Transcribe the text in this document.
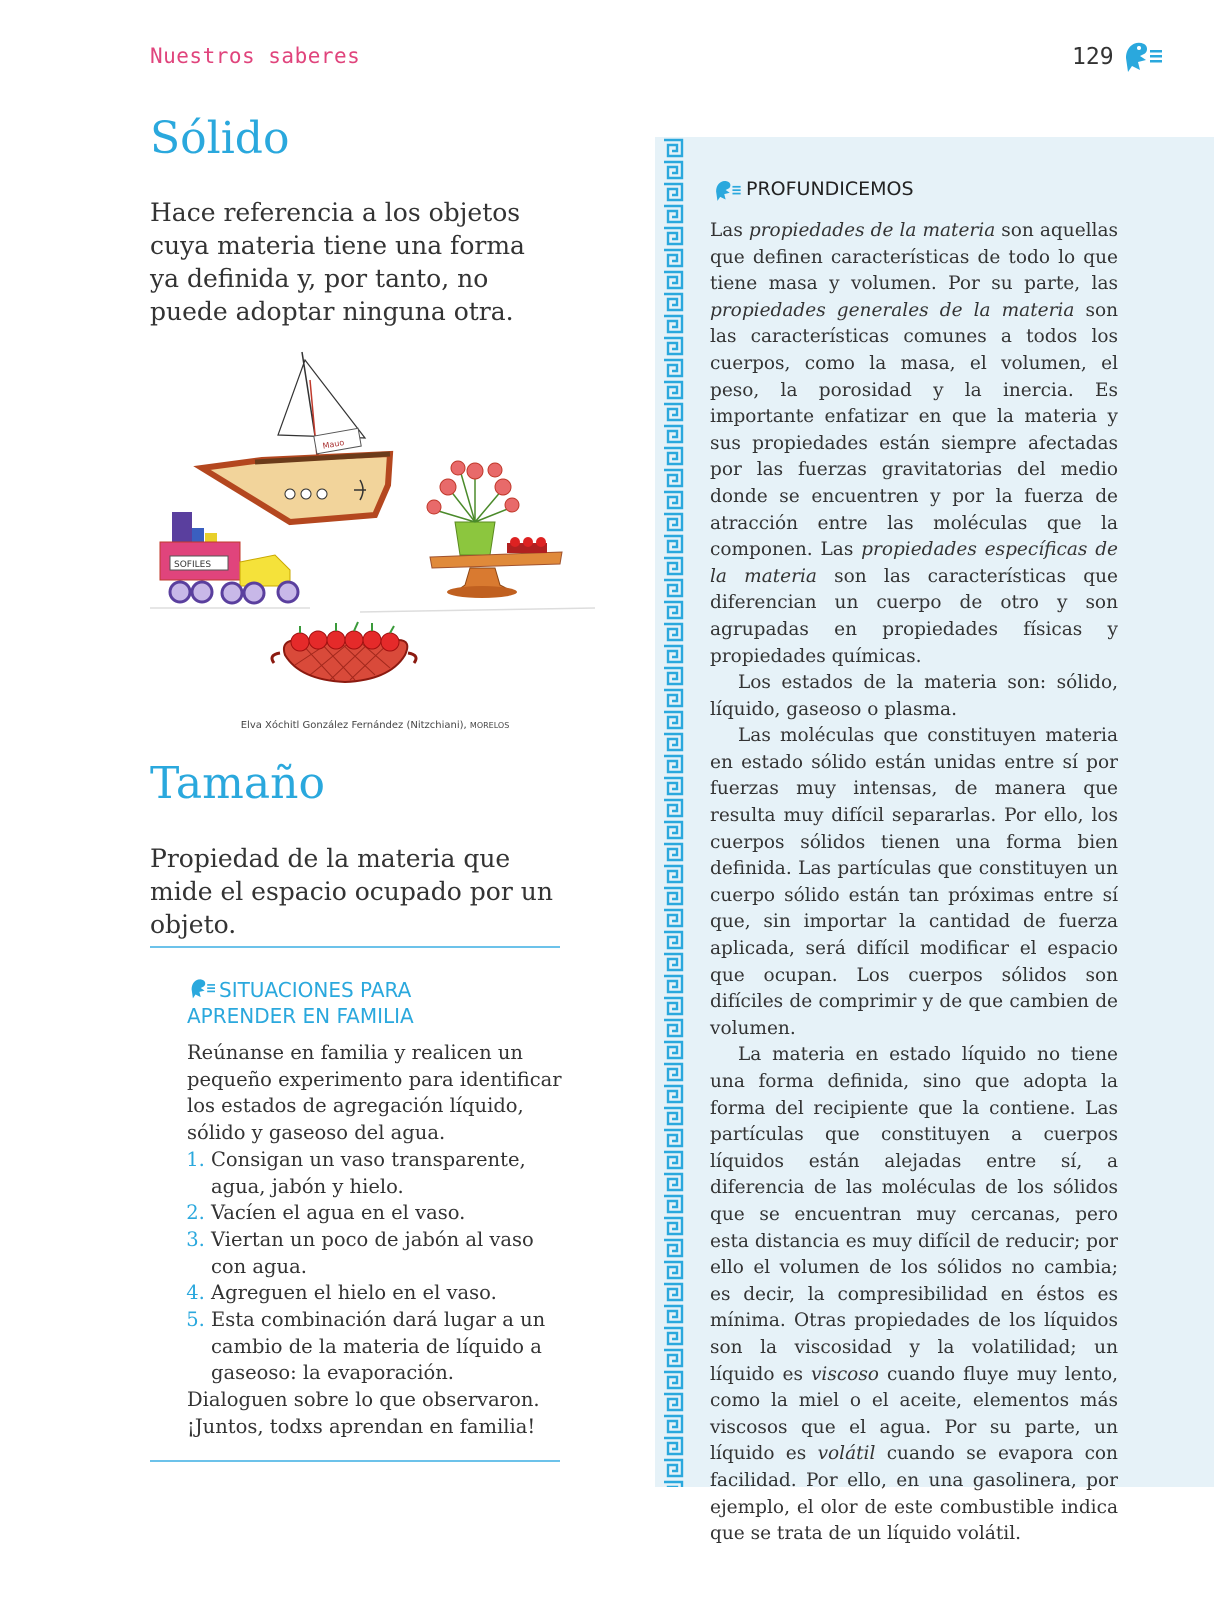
Nuestros saberes	129
Sólido

Hace referencia a los objetos cuya materia tiene una forma ya definida y, por tanto, no puede adoptar ninguna otra.

Mauo
SOFILES
Elva Xóchitl González Fernández (Nitzchiani), MORELOS
Tamaño

Propiedad de la materia que mide el espacio ocupado por un objeto.

SITUACIONES PARA
APRENDER EN FAMILIA

Reúnanse en familia y realicen un pequeño experimento para identificar los estados de agregación líquido, sólido y gaseoso del agua.

1. Consigan un vaso transparente, agua, jabón y hielo.
2. Vacíen el agua en el vaso.
3. Viertan un poco de jabón al vaso con agua.
4. Agreguen el hielo en el vaso.
5. Esta combinación dará lugar a un cambio de la materia de líquido a gaseoso: la evaporación.

Dialoguen sobre lo que observaron.

¡Juntos, todxs aprendan en familia!

PROFUNDICEMOS

Las propiedades de la materia son aquellas que definen características de todo lo que tiene masa y volumen. Por su parte, las propiedades generales de la materia son las características comunes a todos los cuerpos, como la masa, el volumen, el peso, la porosidad y la inercia. Es importante enfatizar en que la materia y sus propiedades están siempre afectadas por las fuerzas gravitatorias del medio donde se encuentren y por la fuerza de atracción entre las moléculas que la componen. Las propiedades específicas de la materia son las características que diferencian un cuerpo de otro y son agrupadas en propiedades físicas y propiedades químicas.

Los estados de la materia son: sólido, líquido, gaseoso o plasma.

Las moléculas que constituyen materia en estado sólido están unidas entre sí por fuerzas muy intensas, de manera que resulta muy difícil separarlas. Por ello, los cuerpos sólidos tienen una forma bien definida. Las partículas que constituyen un cuerpo sólido están tan próximas entre sí que, sin importar la cantidad de fuerza aplicada, será difícil modificar el espacio que ocupan. Los cuerpos sólidos son difíciles de comprimir y de que cambien de volumen.

La materia en estado líquido no tiene una forma definida, sino que adopta la forma del recipiente que la contiene. Las partículas que constituyen a cuerpos líquidos están alejadas entre sí, a diferencia de las moléculas de los sólidos que se encuentran muy cercanas, pero esta distancia es muy difícil de reducir; por ello el volumen de los sólidos no cambia; es decir, la compresibilidad en éstos es mínima. Otras propiedades de los líquidos son la viscosidad y la volatilidad; un líquido es viscoso cuando fluye muy lento, como la miel o el aceite, elementos más viscosos que el agua. Por su parte, un líquido es volátil cuando se evapora con facilidad. Por ello, en una gasolinera, por ejemplo, el olor de este combustible indica que se trata de un líquido volátil.
